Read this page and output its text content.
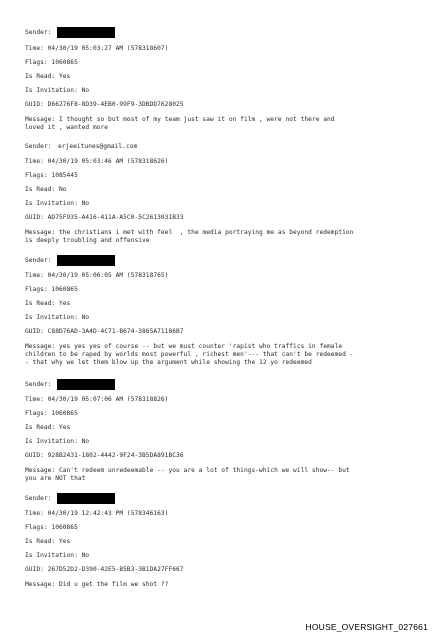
Sender:
Time: 04/30/19 05:03:27 AM (578318607)
Flags: 1060865
Is Read: Yes
Is Invitation: No
GUID: D66276F8-8D39-4EB0-99F9-3DBDD7628025
Message: I thought so but most of my team just saw it on film , were not there and
loved it , wanted more
Sender: erjeeitunes@gmail.com
Time: 04/30/19 05:03:46 AM (578318626)
Flags: 1085445
Is Read: No
Is Invitation: No
GUID: AD75F935-A416-411A-A5C0-5C2613031B33
Message: the christians i met with feel  , the media portraying me as beyond redemption
is deeply troubling and offensive
Sender:
Time: 04/30/19 05:06:05 AM (578318765)
Flags: 1060865
Is Read: Yes
Is Invitation: No
GUID: C88D76AD-3A4D-4C71-B674-3865A71186B7
Message: yes yes yes of course -- but we must counter 'rapist who traffics in female
children to be raped by worlds most powerful , richest men'--- that can't be redeemed -
- that why we let them blow up the argument while showing the 12 yo redeemed
Sender:
Time: 04/30/19 05:07:06 AM (578318826)
Flags: 1060865
Is Read: Yes
Is Invitation: No
GUID: 928B2431-1802-4442-9F24-3B5DA891BC36
Message: Can't redeem unredeemable -- you are a lot of things-which we will show-- but
you are NOT that
Sender:
Time: 04/30/19 12:42:43 PM (578346163)
Flags: 1060865
Is Read: Yes
Is Invitation: No
GUID: 267D52D2-D390-42E5-B5B3-3B1DA27FF667
Message: Did u get the film we shot ??
HOUSE_OVERSIGHT_027661
